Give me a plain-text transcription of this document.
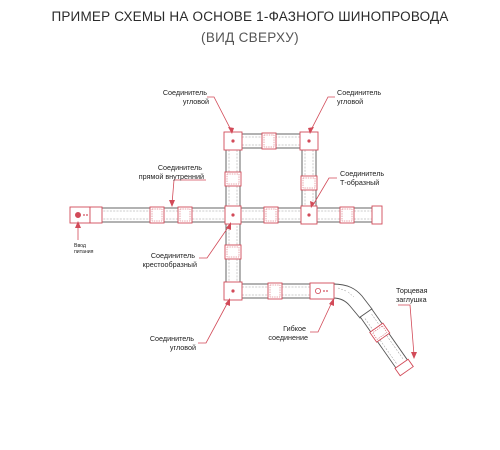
ПРИМЕР СХЕМЫ НА ОСНОВЕ 1-ФАЗНОГО ШИНОПРОВОДА
(ВИД СВЕРХУ)
Соединитель угловой
Соединитель угловой
Соединитель прямой внутренний	Соединитель Т-образный
Ввод питания	Соединитель крестообразный
Торцевая заглушка
Соединитель угловой
Гибкое соединение
